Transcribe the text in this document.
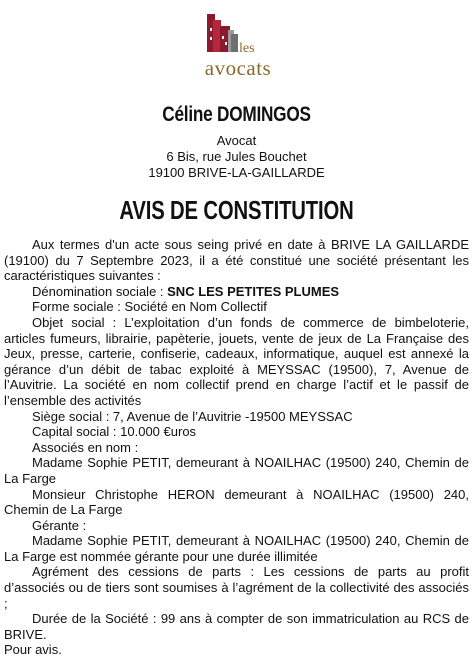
les
avocats
Céline DOMINGOS
Avocat
6 Bis, rue Jules Bouchet
19100 BRIVE-LA-GAILLARDE
AVIS DE CONSTITUTION

Aux termes d'un acte sous seing privé en date à BRIVE LA GAILLARDE (19100) du 7 Septembre 2023, il a été constitué une société présentant les caractéristiques suivantes :

Dénomination sociale : SNC LES PETITES PLUMES

Forme sociale : Société en Nom Collectif

Objet social : L’exploitation d’un fonds de commerce de bimbeloterie, articles fumeurs, librairie, papèterie, jouets, vente de jeux de La Française des Jeux, presse, carterie, confiserie, cadeaux, informatique, auquel est annexé la gérance d’un débit de tabac exploité à MEYSSAC (19500), 7, Avenue de l’Auvitrie. La société en nom collectif prend en charge l’actif et le passif de l’ensemble des activités

Siège social : 7, Avenue de l’Auvitrie -19500 MEYSSAC

Capital social : 10.000 €uros

Associés en nom :

Madame Sophie PETIT, demeurant à NOAILHAC (19500) 240, Chemin de La Farge

Monsieur Christophe HERON demeurant à NOAILHAC (19500) 240, Chemin de La Farge

Gérante :

Madame Sophie PETIT, demeurant à NOAILHAC (19500) 240, Chemin de La Farge est nommée gérante pour une durée illimitée

Agrément des cessions de parts : Les cessions de parts au profit d’associés ou de tiers sont soumises à l’agrément de la collectivité des associés ;

Durée de la Société : 99 ans à compter de son immatriculation au RCS de BRIVE.

Pour avis.
